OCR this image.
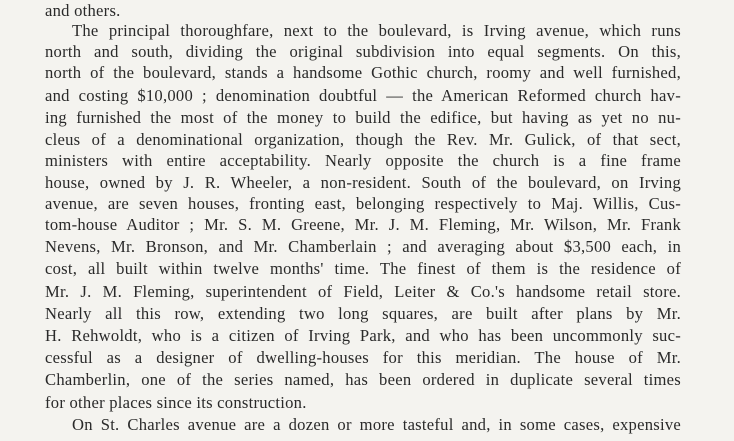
and others.
The principal thoroughfare, next to the boulevard, is Irving avenue, which runs
north and south, dividing the original subdivision into equal segments. On this,
north of the boulevard, stands a handsome Gothic church, roomy and well furnished,
and costing $10,000 ; denomination doubtful — the American Reformed church hav-
ing furnished the most of the money to build the edifice, but having as yet no nu-
cleus of a denominational organization, though the Rev. Mr. Gulick, of that sect,
ministers with entire acceptability. Nearly opposite the church is a fine frame
house, owned by J. R. Wheeler, a non-resident. South of the boulevard, on Irving
avenue, are seven houses, fronting east, belonging respectively to Maj. Willis, Cus-
tom-house Auditor ; Mr. S. M. Greene, Mr. J. M. Fleming, Mr. Wilson, Mr. Frank
Nevens, Mr. Bronson, and Mr. Chamberlain ; and averaging about $3,500 each, in
cost, all built within twelve months' time. The finest of them is the residence of
Mr. J. M. Fleming, superintendent of Field, Leiter & Co.'s handsome retail store.
Nearly all this row, extending two long squares, are built after plans by Mr.
H. Rehwoldt, who is a citizen of Irving Park, and who has been uncommonly suc-
cessful as a designer of dwelling-houses for this meridian. The house of Mr.
Chamberlin, one of the series named, has been ordered in duplicate several times
for other places since its construction.
On St. Charles avenue are a dozen or more tasteful and, in some cases, expensive
